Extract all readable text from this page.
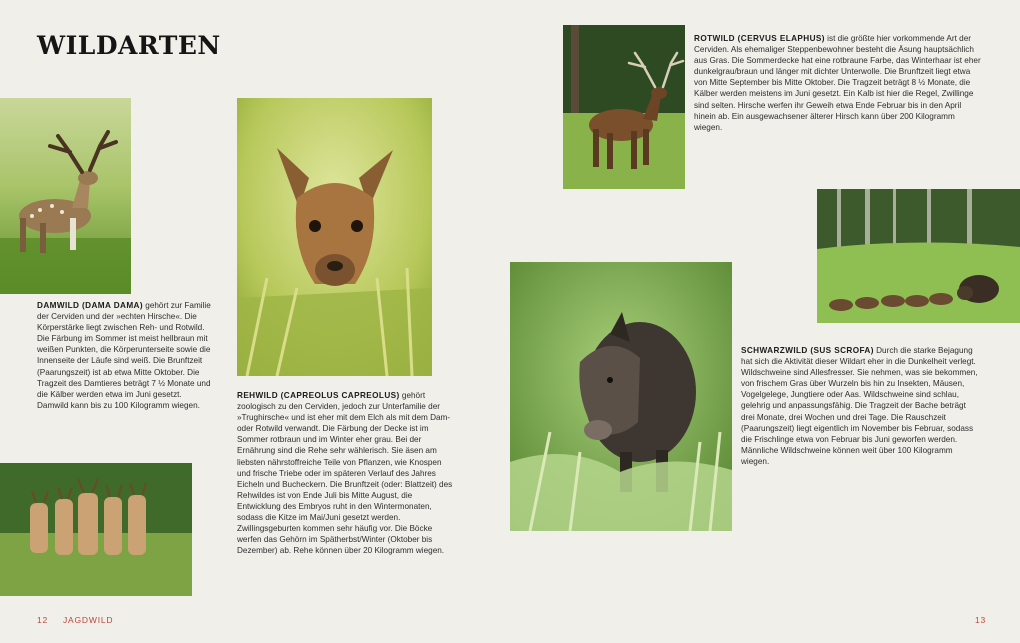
WILDARTEN

DAMWILD (DAMA DAMA) gehört zur Familie der Cerviden und der »echten Hirsche«. Die Körperstärke liegt zwischen Reh- und Rotwild. Die Färbung im Sommer ist meist hellbraun mit weißen Punkten, die Körperunterseite sowie die Innenseite der Läufe sind weiß. Die Brunftzeit (Paarungszeit) ist ab etwa Mitte Oktober. Die Tragzeit des Damtieres beträgt 7 ½ Monate und die Kälber werden etwa im Juni gesetzt. Damwild kann bis zu 100 Kilogramm wiegen.

REHWILD (CAPREOLUS CAPREOLUS) gehört zoologisch zu den Cerviden, jedoch zur Unterfamilie der »Trughirsche« und ist eher mit dem Elch als mit dem Dam- oder Rotwild verwandt. Die Färbung der Decke ist im Sommer rotbraun und im Winter eher grau. Bei der Ernährung sind die Rehe sehr wählerisch. Sie äsen am liebsten nährstoffreiche Teile von Pflanzen, wie Knospen und frische Triebe oder im späteren Verlauf des Jahres Eicheln und Bucheckern. Die Brunftzeit (oder: Blattzeit) des Rehwildes ist von Ende Juli bis Mitte August, die Entwicklung des Embryos ruht in den Wintermonaten, sodass die Kitze im Mai/Juni gesetzt werden. Zwillingsgeburten kommen sehr häufig vor. Die Böcke werfen das Gehörn im Spätherbst/Winter (Oktober bis Dezember) ab. Rehe können über 20 Kilogramm wiegen.

ROTWILD (CERVUS ELAPHUS) ist die größte hier vorkommende Art der Cerviden. Als ehemaliger Steppenbewohner besteht die Äsung hauptsächlich aus Gras. Die Sommerdecke hat eine rotbraune Farbe, das Winterhaar ist eher dunkelgrau/braun und länger mit dichter Unterwolle. Die Brunftzeit liegt etwa von Mitte September bis Mitte Oktober. Die Tragzeit beträgt 8 ½ Monate, die Kälber werden meistens im Juni gesetzt. Ein Kalb ist hier die Regel, Zwillinge sind selten. Hirsche werfen ihr Geweih etwa Ende Februar bis in den April hinein ab. Ein ausgewachsener älterer Hirsch kann über 200 Kilogramm wiegen.

SCHWARZWILD (SUS SCROFA) Durch die starke Bejagung hat sich die Aktivität dieser Wildart eher in die Dunkelheit verlegt. Wildschweine sind Allesfresser. Sie nehmen, was sie bekommen, von frischem Gras über Wurzeln bis hin zu Insekten, Mäusen, Vogelgelege, Jungtiere oder Aas. Wildschweine sind schlau, gelehrig und anpassungsfähig. Die Tragzeit der Bache beträgt drei Monate, drei Wochen und drei Tage. Die Rauschzeit (Paarungszeit) liegt eigentlich im November bis Februar, sodass die Frischlinge etwa von Februar bis Juni geworfen werden. Männliche Wildschweine können weit über 100 Kilogramm wiegen.

12 JAGDWILD	13
